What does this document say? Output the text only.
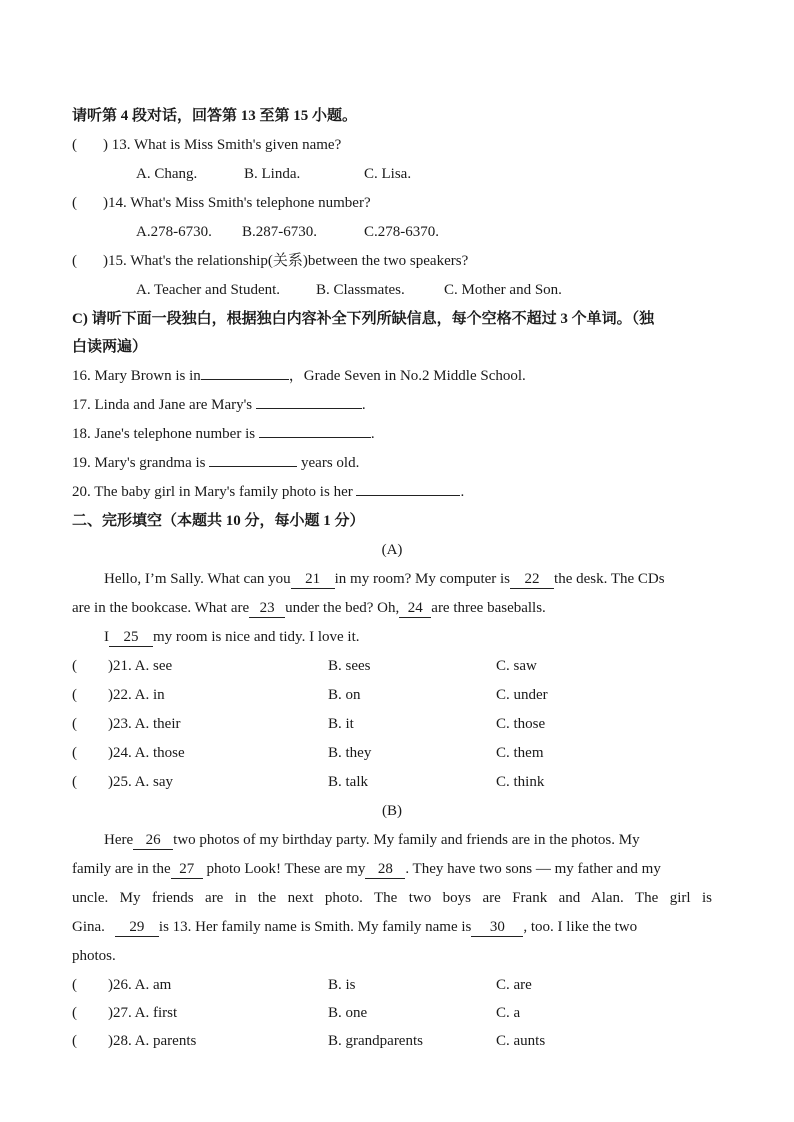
请听第 4 段对话，回答第 13 至第 15 小题。
( ) 13. What is Miss Smith's given name?
A. Chang.	B. Linda.	C. Lisa.
( )14. What's Miss Smith's telephone number?
A.278-6730. B.287-6730.	C.278-6370.
( )15. What's the relationship(关系)between the two speakers?
A. Teacher and Student. B. Classmates.	C. Mother and Son.
C) 请听下面一段独白，根据独白内容补全下列所缺信息，每个空格不超过 3 个单词。（独
白读两遍）
16. Mary Brown is in	，Grade Seven in No.2 Middle School.
17. Linda and Jane are Mary's	.
18. Jane's telephone number is	.
19. Mary's grandma is	years old.
20. The baby girl in Mary's family photo is her	.
二、完形填空（本题共 10 分，每小题 1 分）
(A)
Hello, I’m Sally. What can you 21 in my room? My computer is 22 the desk. The CDs
are in the bookcase. What are 23 under the bed? Oh, 24 are three baseballs.
I 25 my room is nice and tidy. I love it.
( )21. A. see	B. sees	C. saw
( )22. A. in	B. on	C. under
( )23. A. their	B. it	C. those
( )24. A. those	B. they	C. them
( )25. A. say	B. talk	C. think
(B)
Here 26 two photos of my birthday party. My family and friends are in the photos. My
family are in the 27 photo Look! These are my 28 . They have two sons — my father and my
uncle. My friends are in the next photo. The two boys are Frank and Alan. The girl is
Gina. 29 is 13. Her family name is Smith. My family name is 30 , too. I like the two
photos.
( )26. A. am	B. is	C. are
( )27. A. first	B. one	C. a
( )28. A. parents	B. grandparents	C. aunts
